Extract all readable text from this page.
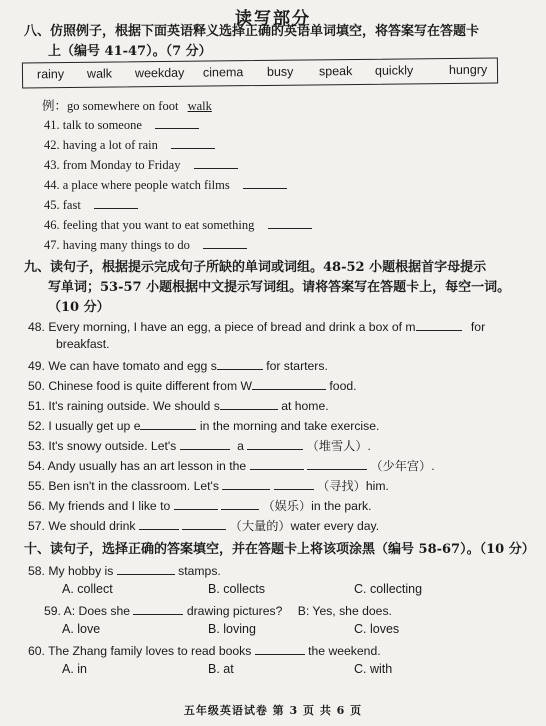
读写部分
八、仿照例子，根据下面英语释义选择正确的英语单词填空，将答案写在答题卡
上（编号 41-47）。（7 分）
rainy walk weekday cinema busy speak quickly	hungry
例：go somewhere on foot walk
41. talk to someone
42. having a lot of rain
43. from Monday to Friday
44. a place where people watch films
45. fast
46. feeling that you want to eat something
47. having many things to do
九、读句子，根据提示完成句子所缺的单词或词组。48-52 小题根据首字母提示
写单词；53-57 小题根据中文提示写词组。请将答案写在答题卡上，每空一词。
（10 分）
48. Every morning, I have an egg, a piece of bread and drink a box of m	for
breakfast.
49. We can have tomato and egg s	for starters.
50. Chinese food is quite different from W	food.
51. It's raining outside. We should s	at home.
52. I usually get up e	in the morning and take exercise.
53. It's snowy outside. Let's	a	（堆雪人）.
54. Andy usually has an art lesson in the	（少年宫）.
55. Ben isn't in the classroom. Let's	（寻找）him.
56. My friends and I like to	（娱乐）in the park.
57. We should drink	（大量的）water every day.
十、读句子，选择正确的答案填空，并在答题卡上将该项涂黑（编号 58-67）。（10 分）
58. My hobby is	stamps.
A. collect	B. collects	C. collecting
59. A: Does she	drawing pictures? B: Yes, she does.
A. love	B. loving	C. loves
60. The Zhang family loves to read books	the weekend.
A. in	B. at	C. with
五年级英语试卷 第 3 页 共 6 页
